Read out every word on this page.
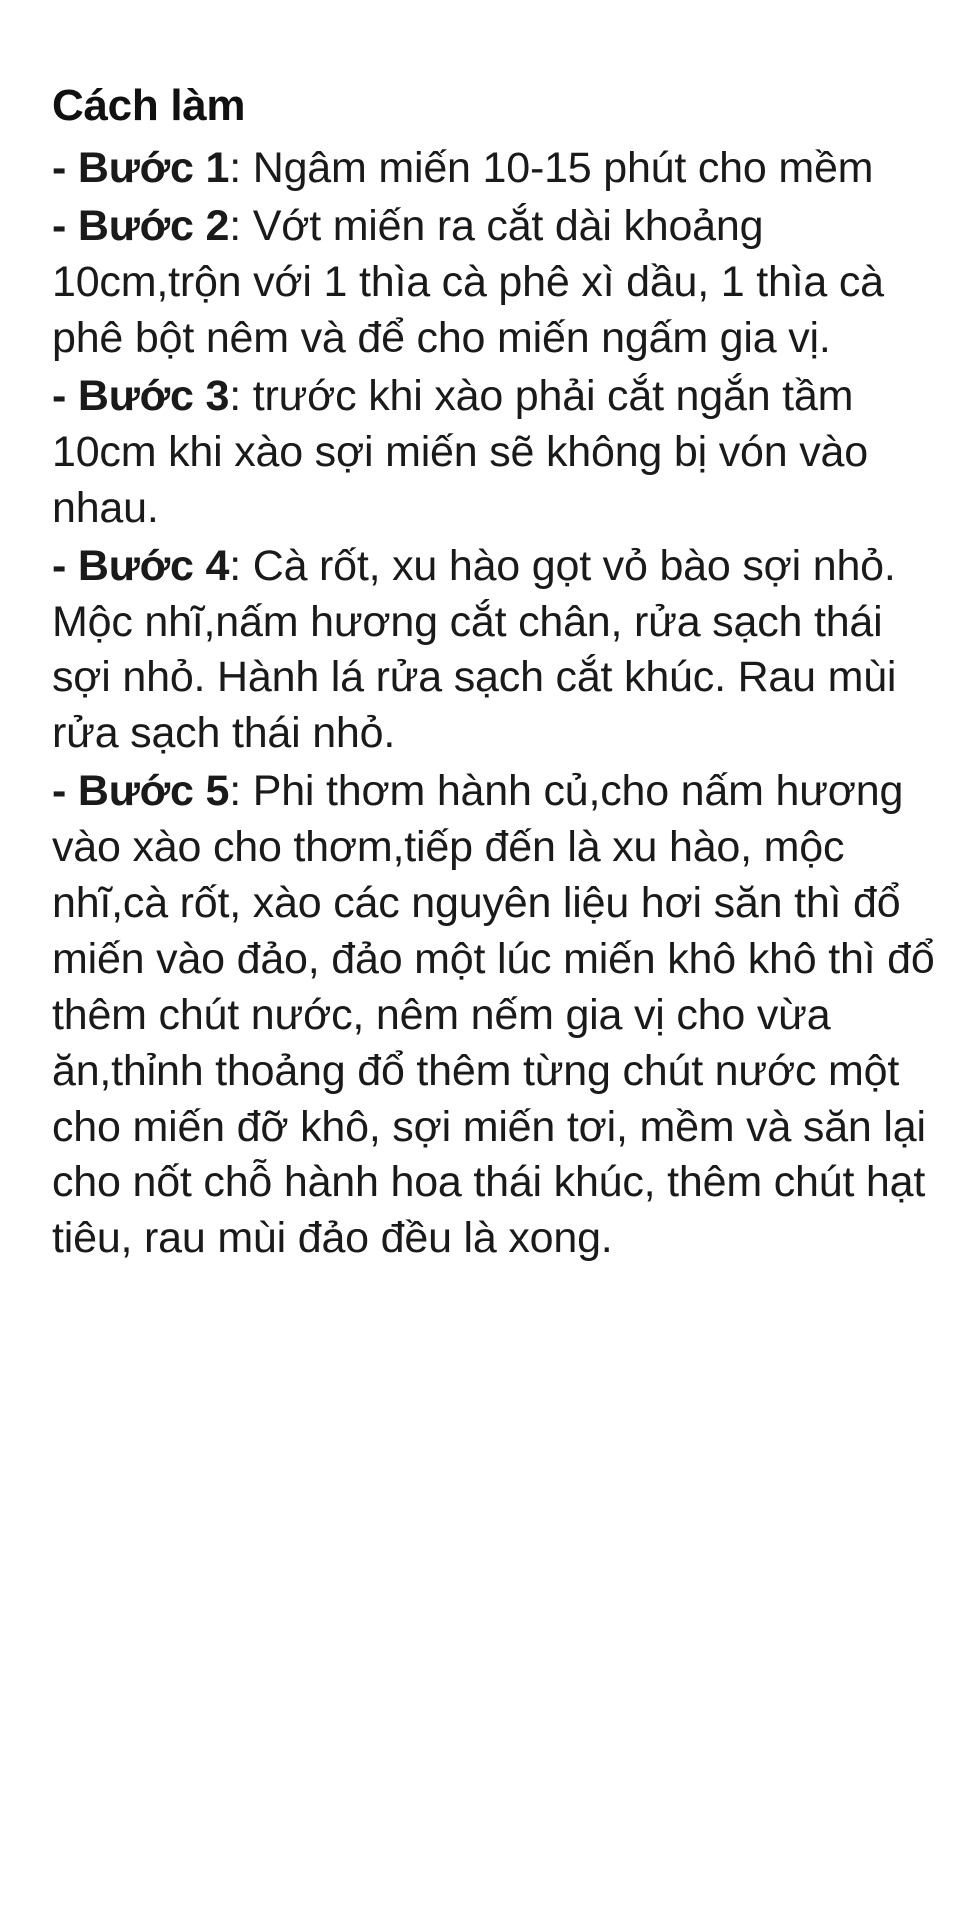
Cách làm

- Bước 1: Ngâm miến 10-15 phút cho mềm

- Bước 2: Vớt miến ra cắt dài khoảng 10cm,trộn với 1 thìa cà phê xì dầu, 1 thìa cà phê bột nêm và để cho miến ngấm gia vị.

- Bước 3: trước khi xào phải cắt ngắn tầm 10cm khi xào sợi miến sẽ không bị vón vào nhau.

- Bước 4: Cà rốt, xu hào gọt vỏ bào sợi nhỏ. Mộc nhĩ,nấm hương cắt chân, rửa sạch thái sợi nhỏ. Hành lá rửa sạch cắt khúc. Rau mùi rửa sạch thái nhỏ.

- Bước 5: Phi thơm hành củ,cho nấm hương vào xào cho thơm,tiếp đến là xu hào, mộc nhĩ,cà rốt, xào các nguyên liệu hơi săn thì đổ miến vào đảo, đảo một lúc miến khô khô thì đổ thêm chút nước, nêm nếm gia vị cho vừa ăn,thỉnh thoảng đổ thêm từng chút nước một cho miến đỡ khô, sợi miến tơi, mềm và săn lại cho nốt chỗ hành hoa thái khúc, thêm chút hạt tiêu, rau mùi đảo đều là xong.
